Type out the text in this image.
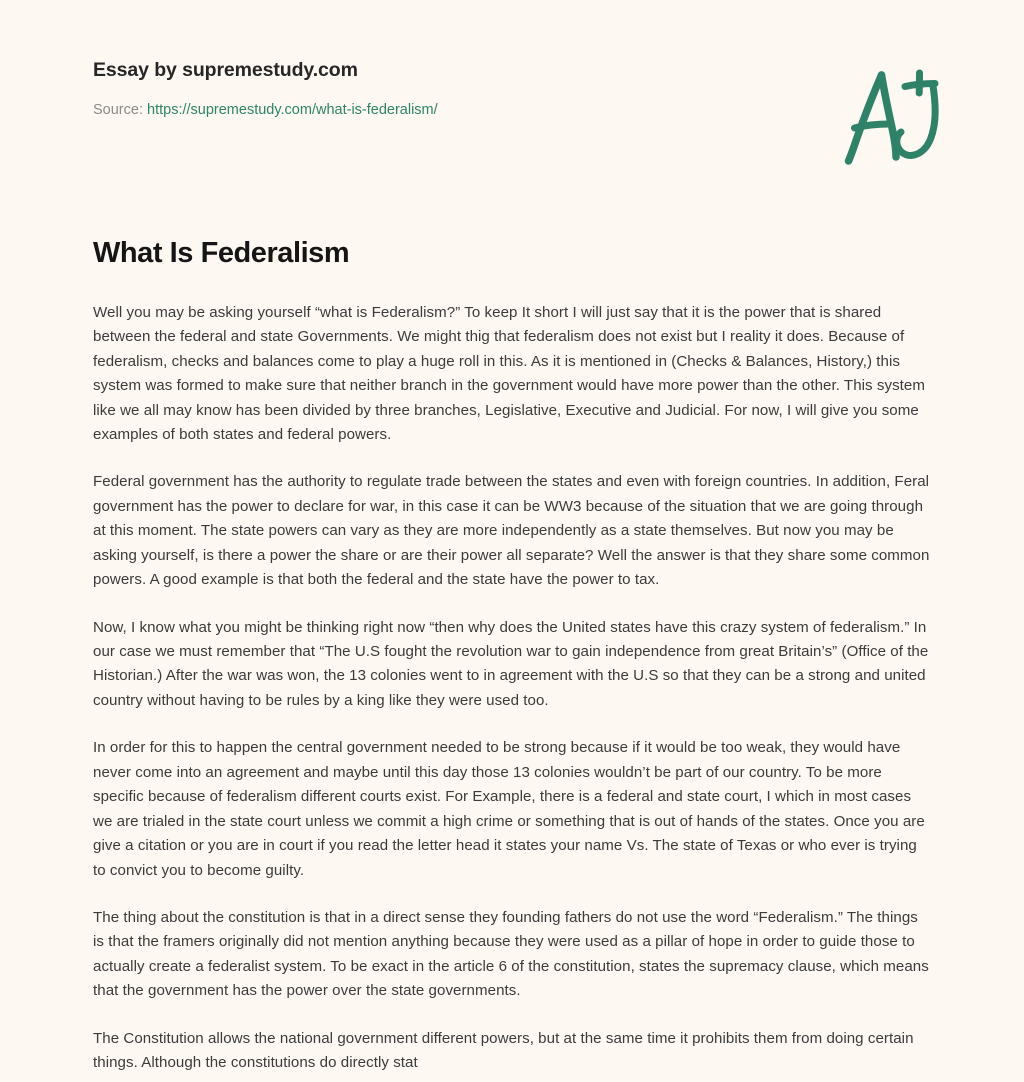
Essay by supremestudy.com
Source: https://supremestudy.com/what-is-federalism/
What Is Federalism

Well you may be asking yourself “what is Federalism?” To keep It short I will just say that it is the power that is shared between the federal and state Governments. We might thig that federalism does not exist but I reality it does. Because of federalism, checks and balances come to play a huge roll in this. As it is mentioned in (Checks & Balances, History,) this system was formed to make sure that neither branch in the government would have more power than the other. This system like we all may know has been divided by three branches, Legislative, Executive and Judicial. For now, I will give you some examples of both states and federal powers.

Federal government has the authority to regulate trade between the states and even with foreign countries. In addition, Feral government has the power to declare for war, in this case it can be WW3 because of the situation that we are going through at this moment. The state powers can vary as they are more independently as a state themselves. But now you may be asking yourself, is there a power the share or are their power all separate? Well the answer is that they share some common powers. A good example is that both the federal and the state have the power to tax.

Now, I know what you might be thinking right now “then why does the United states have this crazy system of federalism.” In our case we must remember that “The U.S fought the revolution war to gain independence from great Britain’s” (Office of the Historian.) After the war was won, the 13 colonies went to in agreement with the U.S so that they can be a strong and united country without having to be rules by a king like they were used too.

In order for this to happen the central government needed to be strong because if it would be too weak, they would have never come into an agreement and maybe until this day those 13 colonies wouldn’t be part of our country. To be more specific because of federalism different courts exist. For Example, there is a federal and state court, I which in most cases we are trialed in the state court unless we commit a high crime or something that is out of hands of the states. Once you are give a citation or you are in court if you read the letter head it states your name Vs. The state of Texas or who ever is trying to convict you to become guilty.

The thing about the constitution is that in a direct sense they founding fathers do not use the word “Federalism.” The things is that the framers originally did not mention anything because they were used as a pillar of hope in order to guide those to actually create a federalist system. To be exact in the article 6 of the constitution, states the supremacy clause, which means that the government has the power over the state governments.

The Constitution allows the national government different powers, but at the same time it prohibits them from doing certain things. Although the constitutions do directly stat
